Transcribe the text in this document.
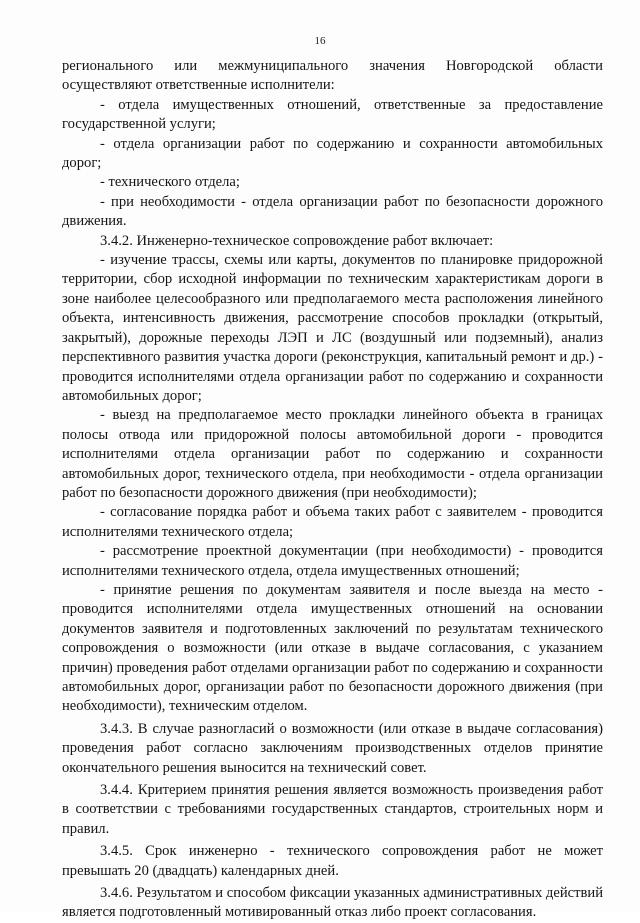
16

регионального или межмуниципального значения Новгородской области осуществляют ответственные исполнители:

- отдела имущественных отношений, ответственные за предоставление государственной услуги;

- отдела организации работ по содержанию и сохранности автомобильных дорог;

- технического отдела;

- при необходимости - отдела организации работ по безопасности дорожного движения.

3.4.2. Инженерно-техническое сопровождение работ включает:

- изучение трассы, схемы или карты, документов по планировке придорожной территории, сбор исходной информации по техническим характеристикам дороги в зоне наиболее целесообразного или предполагаемого места расположения линейного объекта, интенсивность движения, рассмотрение способов прокладки (открытый, закрытый), дорожные переходы ЛЭП и ЛС (воздушный или подземный), анализ перспективного развития участка дороги (реконструкция, капитальный ремонт и др.) - проводится исполнителями отдела организации работ по содержанию и сохранности автомобильных дорог;

- выезд на предполагаемое место прокладки линейного объекта в границах полосы отвода или придорожной полосы автомобильной дороги - проводится исполнителями отдела организации работ по содержанию и сохранности автомобильных дорог, технического отдела, при необходимости - отдела организации работ по безопасности дорожного движения (при необходимости);

- согласование порядка работ и объема таких работ с заявителем - проводится исполнителями технического отдела;

- рассмотрение проектной документации (при необходимости) - проводится исполнителями технического отдела, отдела имущественных отношений;

- принятие решения по документам заявителя и после выезда на место - проводится исполнителями отдела имущественных отношений на основании документов заявителя и подготовленных заключений по результатам технического сопровождения о возможности (или отказе в выдаче согласования, с указанием причин) проведения работ отделами организации работ по содержанию и сохранности автомобильных дорог, организации работ по безопасности дорожного движения (при необходимости), техническим отделом.

3.4.3. В случае разногласий о возможности (или отказе в выдаче согласования) проведения работ согласно заключениям производственных отделов принятие окончательного решения выносится на технический совет.

3.4.4. Критерием принятия решения является возможность произведения работ в соответствии с требованиями государственных стандартов, строительных норм и правил.

3.4.5. Срок инженерно - технического сопровождения работ не может превышать 20 (двадцать) календарных дней.

3.4.6. Результатом и способом фиксации указанных административных действий является подготовленный мотивированный отказ либо проект согласования.
